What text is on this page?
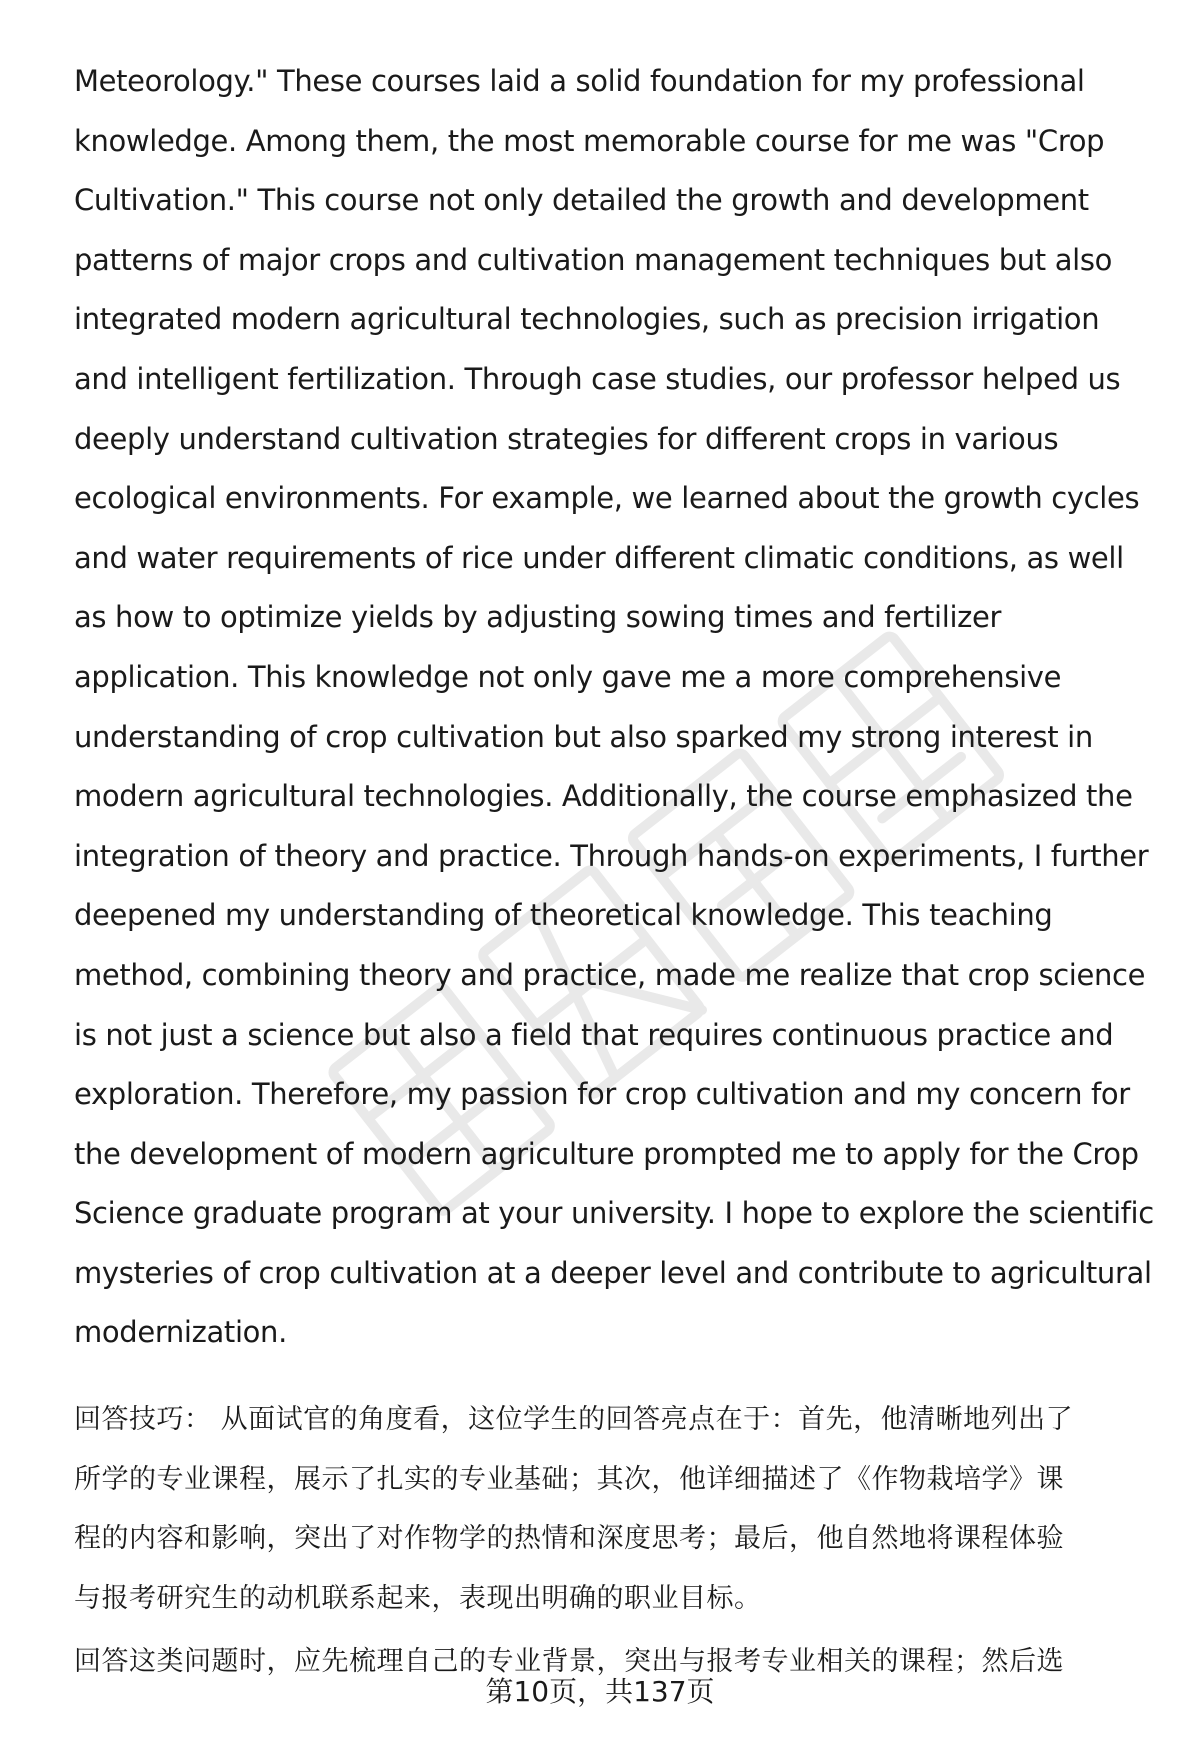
Meteorology." These courses laid a solid foundation for my professional
knowledge. Among them, the most memorable course for me was "Crop
Cultivation." This course not only detailed the growth and development
patterns of major crops and cultivation management techniques but also
integrated modern agricultural technologies, such as precision irrigation
and intelligent fertilization. Through case studies, our professor helped us
deeply understand cultivation strategies for different crops in various
ecological environments. For example, we learned about the growth cycles
and water requirements of rice under different climatic conditions, as well
as how to optimize yields by adjusting sowing times and fertilizer
application. This knowledge not only gave me a more comprehensive
understanding of crop cultivation but also sparked my strong interest in
modern agricultural technologies. Additionally, the course emphasized the
integration of theory and practice. Through hands-on experiments, I further
deepened my understanding of theoretical knowledge. This teaching
method, combining theory and practice, made me realize that crop science
is not just a science but also a field that requires continuous practice and
exploration. Therefore, my passion for crop cultivation and my concern for
the development of modern agriculture prompted me to apply for the Crop
Science graduate program at your university. I hope to explore the scientific
mysteries of crop cultivation at a deeper level and contribute to agricultural
modernization.
回答技巧： 从面试官的角度看，这位学生的回答亮点在于：首先，他清晰地列出了
所学的专业课程，展示了扎实的专业基础；其次，他详细描述了《作物栽培学》课
程的内容和影响，突出了对作物学的热情和深度思考；最后，他自然地将课程体验
与报考研究生的动机联系起来，表现出明确的职业目标。
回答这类问题时，应先梳理自己的专业背景，突出与报考专业相关的课程；然后选
第10页，共137页
